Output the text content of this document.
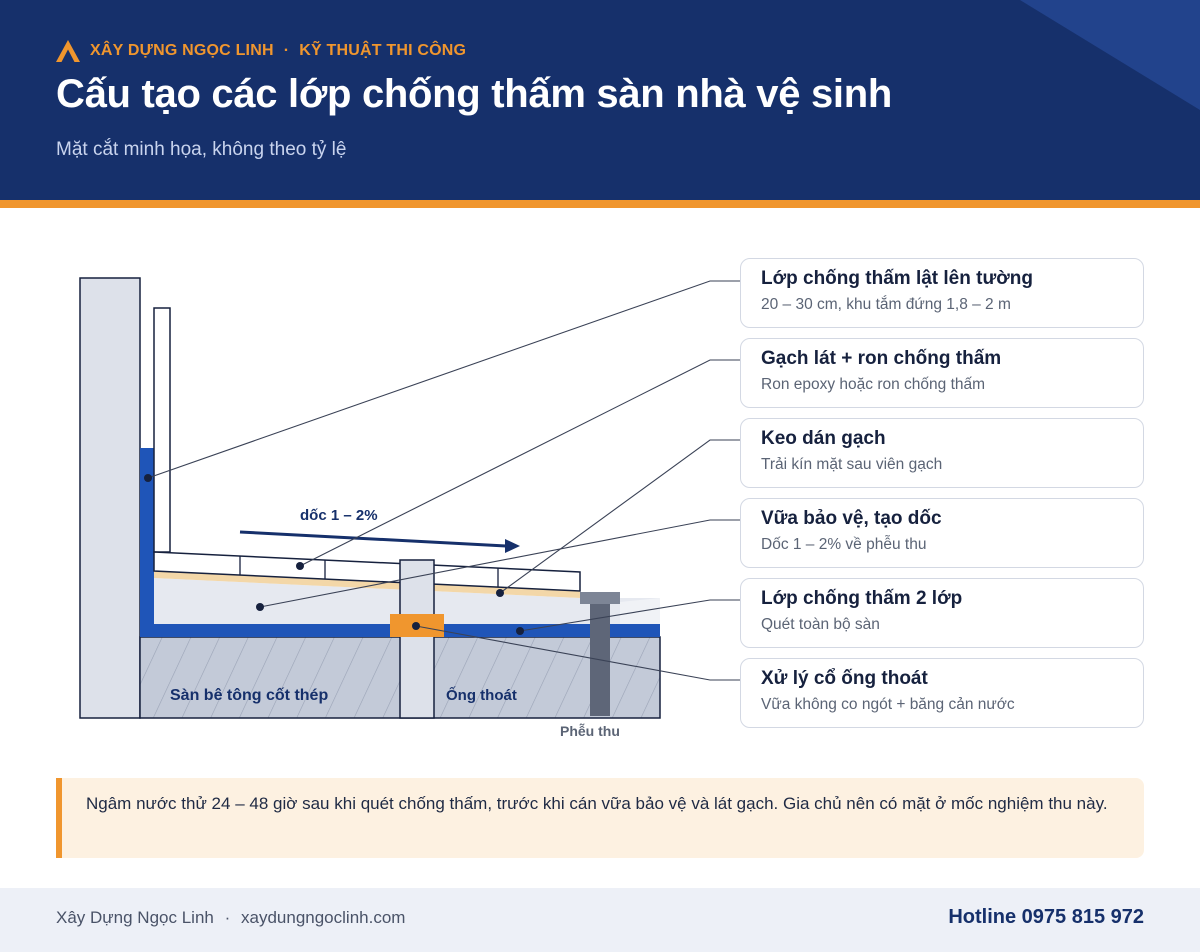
XÂY DỰNG NGỌC LINH · KỸ THUẬT THI CÔNG
Cấu tạo các lớp chống thấm sàn nhà vệ sinh
Mặt cắt minh họa, không theo tỷ lệ
dốc 1 – 2%
Sàn bê tông cốt thép	Ống thoát
Phễu thu
Lớp chống thấm lật lên tường
20 – 30 cm, khu tắm đứng 1,8 – 2 m
Gạch lát + ron chống thấm
Ron epoxy hoặc ron chống thấm
Keo dán gạch
Trải kín mặt sau viên gạch
Vữa bảo vệ, tạo dốc
Dốc 1 – 2% về phễu thu
Lớp chống thấm 2 lớp
Quét toàn bộ sàn
Xử lý cổ ống thoát
Vữa không co ngót + băng cản nước
Ngâm nước thử 24 – 48 giờ sau khi quét chống thấm, trước khi cán vữa bảo vệ và lát gạch. Gia chủ nên có mặt ở mốc nghiệm thu này.
Xây Dựng Ngọc Linh · xaydungngoclinh.com	Hotline 0975 815 972
